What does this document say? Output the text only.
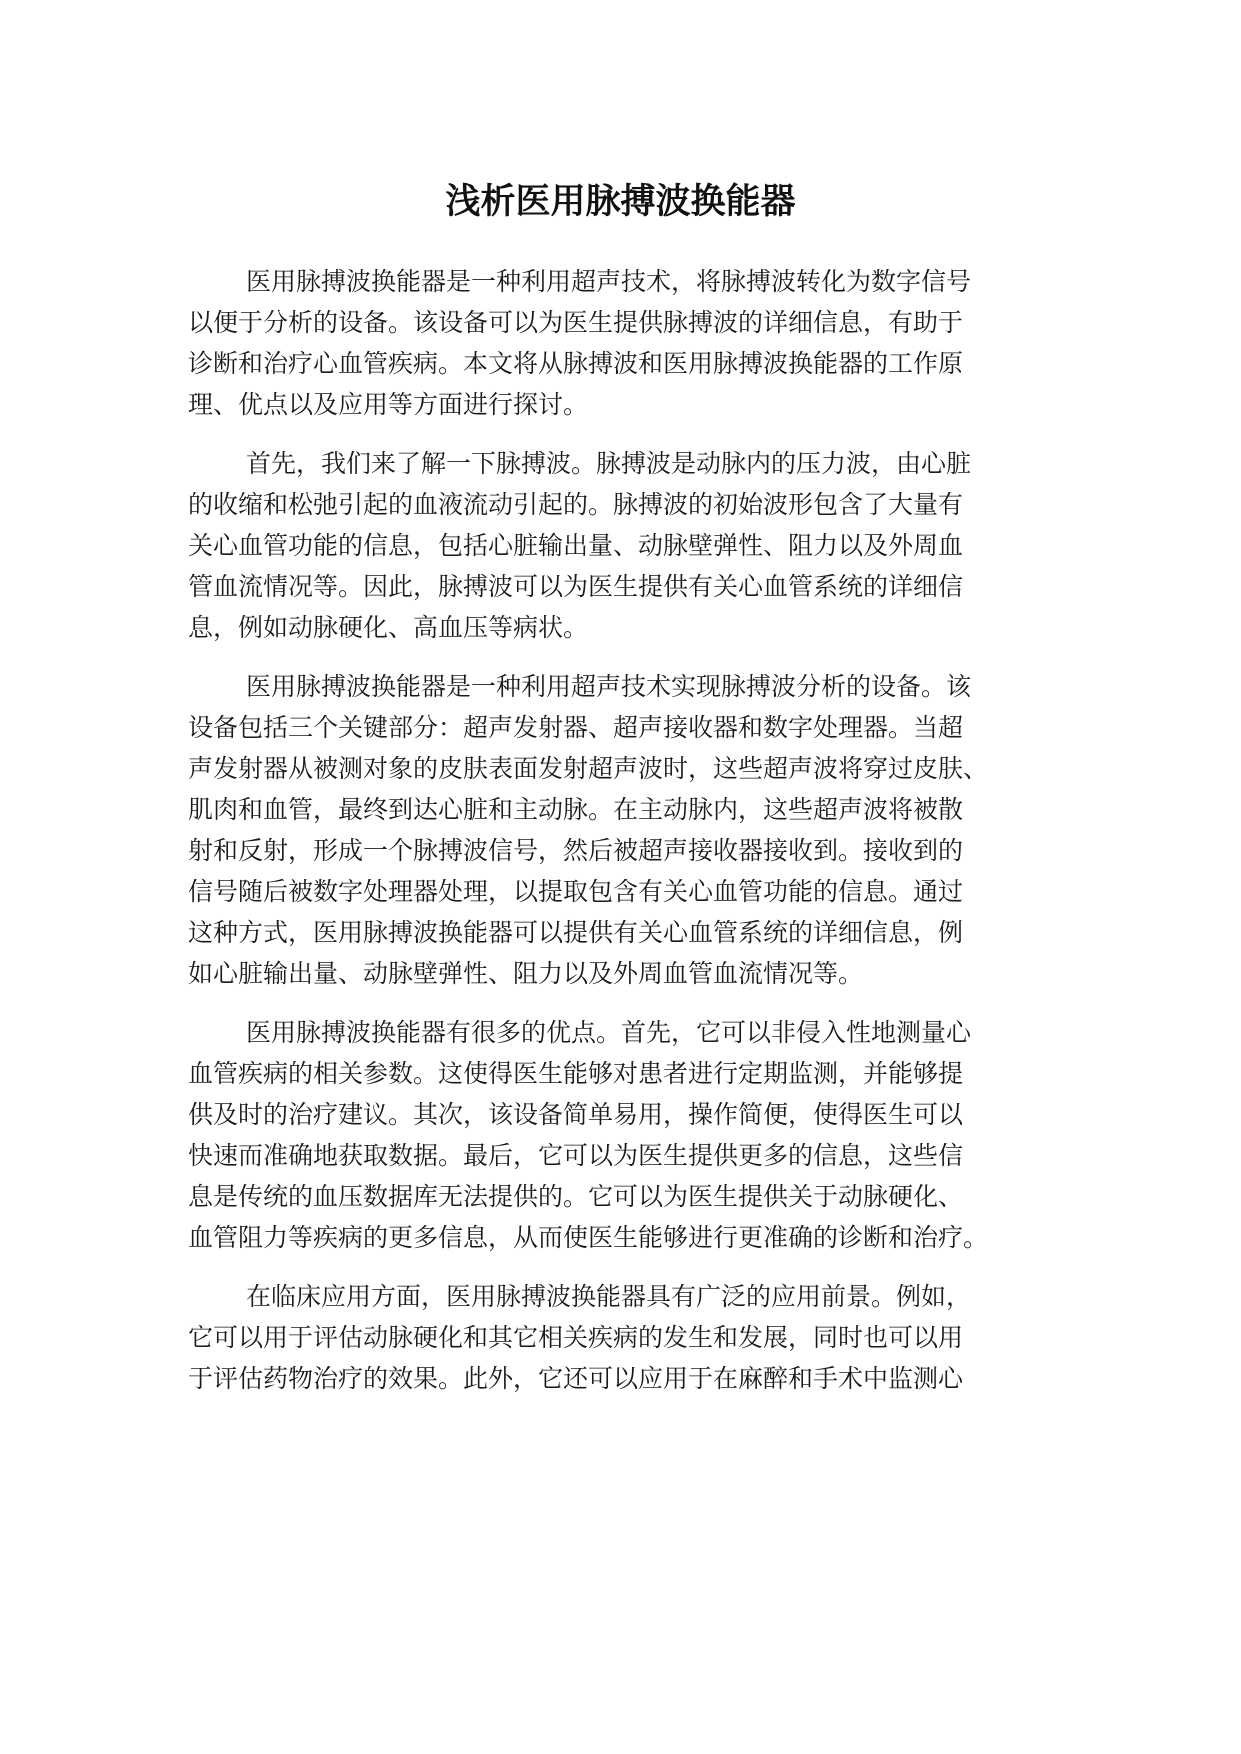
浅析医用脉搏波换能器

医用脉搏波换能器是一种利用超声技术，将脉搏波转化为数字信号

以便于分析的设备。该设备可以为医生提供脉搏波的详细信息，有助于

诊断和治疗心血管疾病。本文将从脉搏波和医用脉搏波换能器的工作原

理、优点以及应用等方面进行探讨。

首先，我们来了解一下脉搏波。脉搏波是动脉内的压力波，由心脏

的收缩和松弛引起的血液流动引起的。脉搏波的初始波形包含了大量有

关心血管功能的信息，包括心脏输出量、动脉壁弹性、阻力以及外周血

管血流情况等。因此，脉搏波可以为医生提供有关心血管系统的详细信

息，例如动脉硬化、高血压等病状。

医用脉搏波换能器是一种利用超声技术实现脉搏波分析的设备。该

设备包括三个关键部分：超声发射器、超声接收器和数字处理器。当超

声发射器从被测对象的皮肤表面发射超声波时，这些超声波将穿过皮肤、

肌肉和血管，最终到达心脏和主动脉。在主动脉内，这些超声波将被散

射和反射，形成一个脉搏波信号，然后被超声接收器接收到。接收到的

信号随后被数字处理器处理，以提取包含有关心血管功能的信息。通过

这种方式，医用脉搏波换能器可以提供有关心血管系统的详细信息，例

如心脏输出量、动脉壁弹性、阻力以及外周血管血流情况等。

医用脉搏波换能器有很多的优点。首先，它可以非侵入性地测量心

血管疾病的相关参数。这使得医生能够对患者进行定期监测，并能够提

供及时的治疗建议。其次，该设备简单易用，操作简便，使得医生可以

快速而准确地获取数据。最后，它可以为医生提供更多的信息，这些信

息是传统的血压数据库无法提供的。它可以为医生提供关于动脉硬化、

血管阻力等疾病的更多信息，从而使医生能够进行更准确的诊断和治疗。

在临床应用方面，医用脉搏波换能器具有广泛的应用前景。例如，

它可以用于评估动脉硬化和其它相关疾病的发生和发展，同时也可以用

于评估药物治疗的效果。此外，它还可以应用于在麻醉和手术中监测心
